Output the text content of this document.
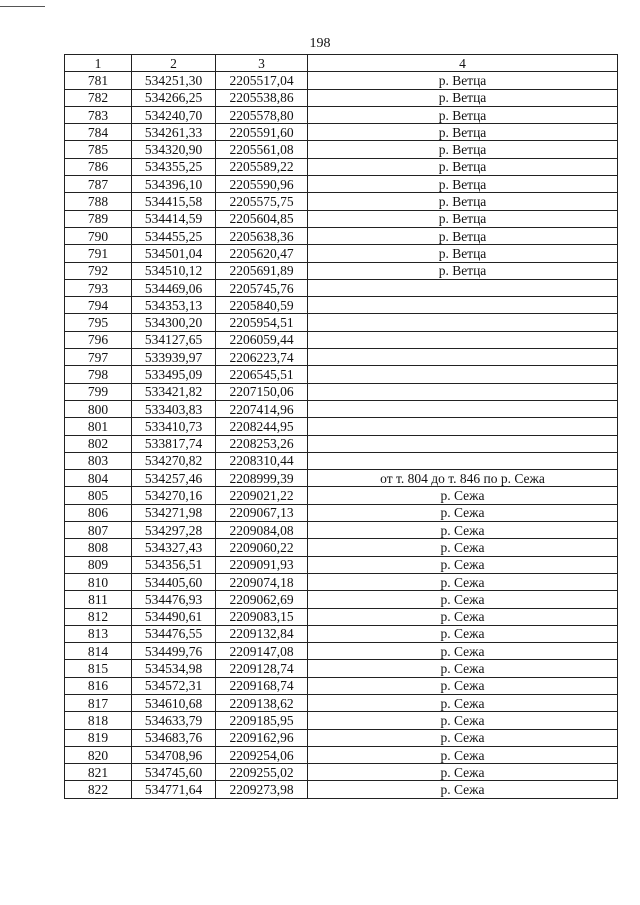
198
1	2	3	4
781	534251,30	2205517,04	р. Ветца
782	534266,25	2205538,86	р. Ветца
783	534240,70	2205578,80	р. Ветца
784	534261,33	2205591,60	р. Ветца
785	534320,90	2205561,08	р. Ветца
786	534355,25	2205589,22	р. Ветца
787	534396,10	2205590,96	р. Ветца
788	534415,58	2205575,75	р. Ветца
789	534414,59	2205604,85	р. Ветца
790	534455,25	2205638,36	р. Ветца
791	534501,04	2205620,47	р. Ветца
792	534510,12	2205691,89	р. Ветца
793	534469,06	2205745,76	
794	534353,13	2205840,59	
795	534300,20	2205954,51	
796	534127,65	2206059,44	
797	533939,97	2206223,74	
798	533495,09	2206545,51	
799	533421,82	2207150,06	
800	533403,83	2207414,96	
801	533410,73	2208244,95	
802	533817,74	2208253,26	
803	534270,82	2208310,44	
804	534257,46	2208999,39	от т. 804 до т. 846 по р. Сежа
805	534270,16	2209021,22	р. Сежа
806	534271,98	2209067,13	р. Сежа
807	534297,28	2209084,08	р. Сежа
808	534327,43	2209060,22	р. Сежа
809	534356,51	2209091,93	р. Сежа
810	534405,60	2209074,18	р. Сежа
811	534476,93	2209062,69	р. Сежа
812	534490,61	2209083,15	р. Сежа
813	534476,55	2209132,84	р. Сежа
814	534499,76	2209147,08	р. Сежа
815	534534,98	2209128,74	р. Сежа
816	534572,31	2209168,74	р. Сежа
817	534610,68	2209138,62	р. Сежа
818	534633,79	2209185,95	р. Сежа
819	534683,76	2209162,96	р. Сежа
820	534708,96	2209254,06	р. Сежа
821	534745,60	2209255,02	р. Сежа
822	534771,64	2209273,98	р. Сежа
